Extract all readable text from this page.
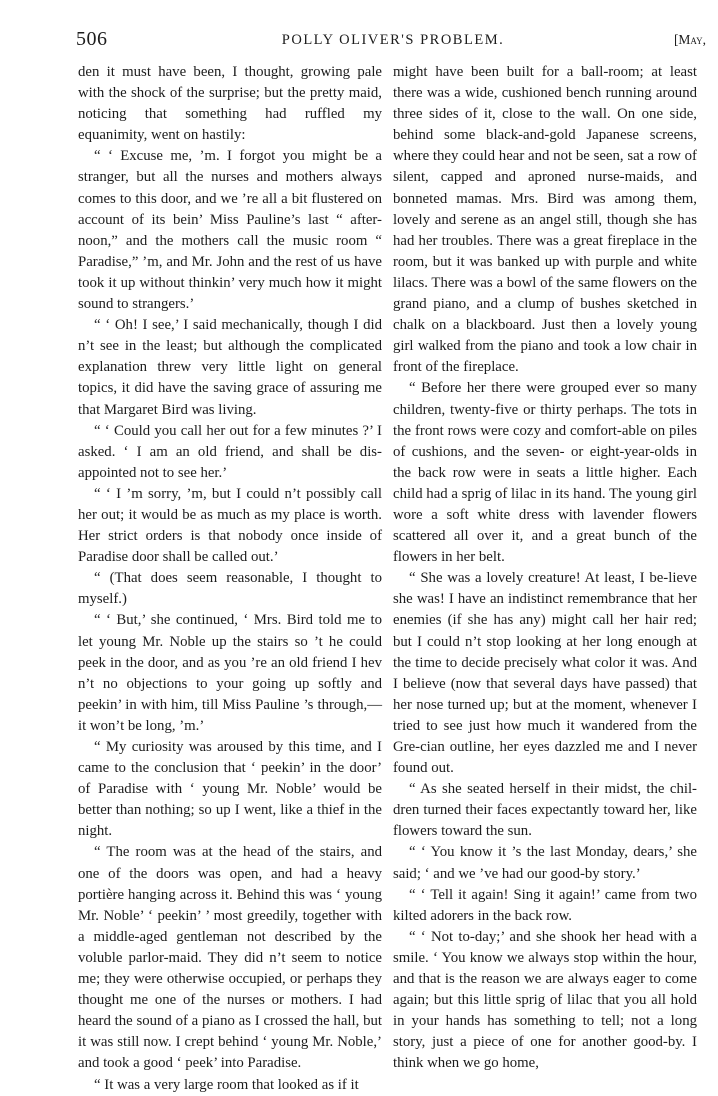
506	POLLY OLIVER'S PROBLEM.	[May,

den it must have been, I thought, growing pale with the shock of the surprise; but the pretty maid, noticing that something had ruffled my equanimity, went on hastily:

“ ‘ Excuse me, ’m. I forgot you might be a stranger, but all the nurses and mothers always comes to this door, and we ’re all a bit flustered on account of its bein’ Miss Pauline’s last “ after-noon,” and the mothers call the music room “ Paradise,” ’m, and Mr. John and the rest of us have took it up without thinkin’ very much how it might sound to strangers.’

“ ‘ Oh! I see,’ I said mechanically, though I did n’t see in the least; but although the complicated explanation threw very little light on general topics, it did have the saving grace of assuring me that Margaret Bird was living.

“ ‘ Could you call her out for a few minutes ?’ I asked. ‘ I am an old friend, and shall be dis-appointed not to see her.’

“ ‘ I ’m sorry, ’m, but I could n’t possibly call her out; it would be as much as my place is worth. Her strict orders is that nobody once inside of Paradise door shall be called out.’

“ (That does seem reasonable, I thought to myself.)

“ ‘ But,’ she continued, ‘ Mrs. Bird told me to let young Mr. Noble up the stairs so ’t he could peek in the door, and as you ’re an old friend I hev n’t no objections to your going up softly and peekin’ in with him, till Miss Pauline ’s through,—it won’t be long, ’m.’

“ My curiosity was aroused by this time, and I came to the conclusion that ‘ peekin’ in the door’ of Paradise with ‘ young Mr. Noble’ would be better than nothing; so up I went, like a thief in the night.

“ The room was at the head of the stairs, and one of the doors was open, and had a heavy portière hanging across it. Behind this was ‘ young Mr. Noble’ ‘ peekin’ ’ most greedily, together with a middle-aged gentleman not described by the voluble parlor-maid. They did n’t seem to notice me; they were otherwise occupied, or perhaps they thought me one of the nurses or mothers. I had heard the sound of a piano as I crossed the hall, but it was still now. I crept behind ‘ young Mr. Noble,’ and took a good ‘ peek’ into Paradise.

“ It was a very large room that looked as if it

might have been built for a ball-room; at least there was a wide, cushioned bench running around three sides of it, close to the wall. On one side, behind some black-and-gold Japanese screens, where they could hear and not be seen, sat a row of silent, capped and aproned nurse-maids, and bonneted mamas. Mrs. Bird was among them, lovely and serene as an angel still, though she has had her troubles. There was a great fireplace in the room, but it was banked up with purple and white lilacs. There was a bowl of the same flowers on the grand piano, and a clump of bushes sketched in chalk on a blackboard. Just then a lovely young girl walked from the piano and took a low chair in front of the fireplace.

“ Before her there were grouped ever so many children, twenty-five or thirty perhaps. The tots in the front rows were cozy and comfort-able on piles of cushions, and the seven- or eight-year-olds in the back row were in seats a little higher. Each child had a sprig of lilac in its hand. The young girl wore a soft white dress with lavender flowers scattered all over it, and a great bunch of the flowers in her belt.

“ She was a lovely creature! At least, I be-lieve she was! I have an indistinct remembrance that her enemies (if she has any) might call her hair red; but I could n’t stop looking at her long enough at the time to decide precisely what color it was. And I believe (now that several days have passed) that her nose turned up; but at the moment, whenever I tried to see just how much it wandered from the Gre-cian outline, her eyes dazzled me and I never found out.

“ As she seated herself in their midst, the chil-dren turned their faces expectantly toward her, like flowers toward the sun.

“ ‘ You know it ’s the last Monday, dears,’ she said; ‘ and we ’ve had our good-by story.’

“ ‘ Tell it again! Sing it again!’ came from two kilted adorers in the back row.

“ ‘ Not to-day;’ and she shook her head with a smile. ‘ You know we always stop within the hour, and that is the reason we are always eager to come again; but this little sprig of lilac that you all hold in your hands has something to tell; not a long story, just a piece of one for another good-by. I think when we go home,
